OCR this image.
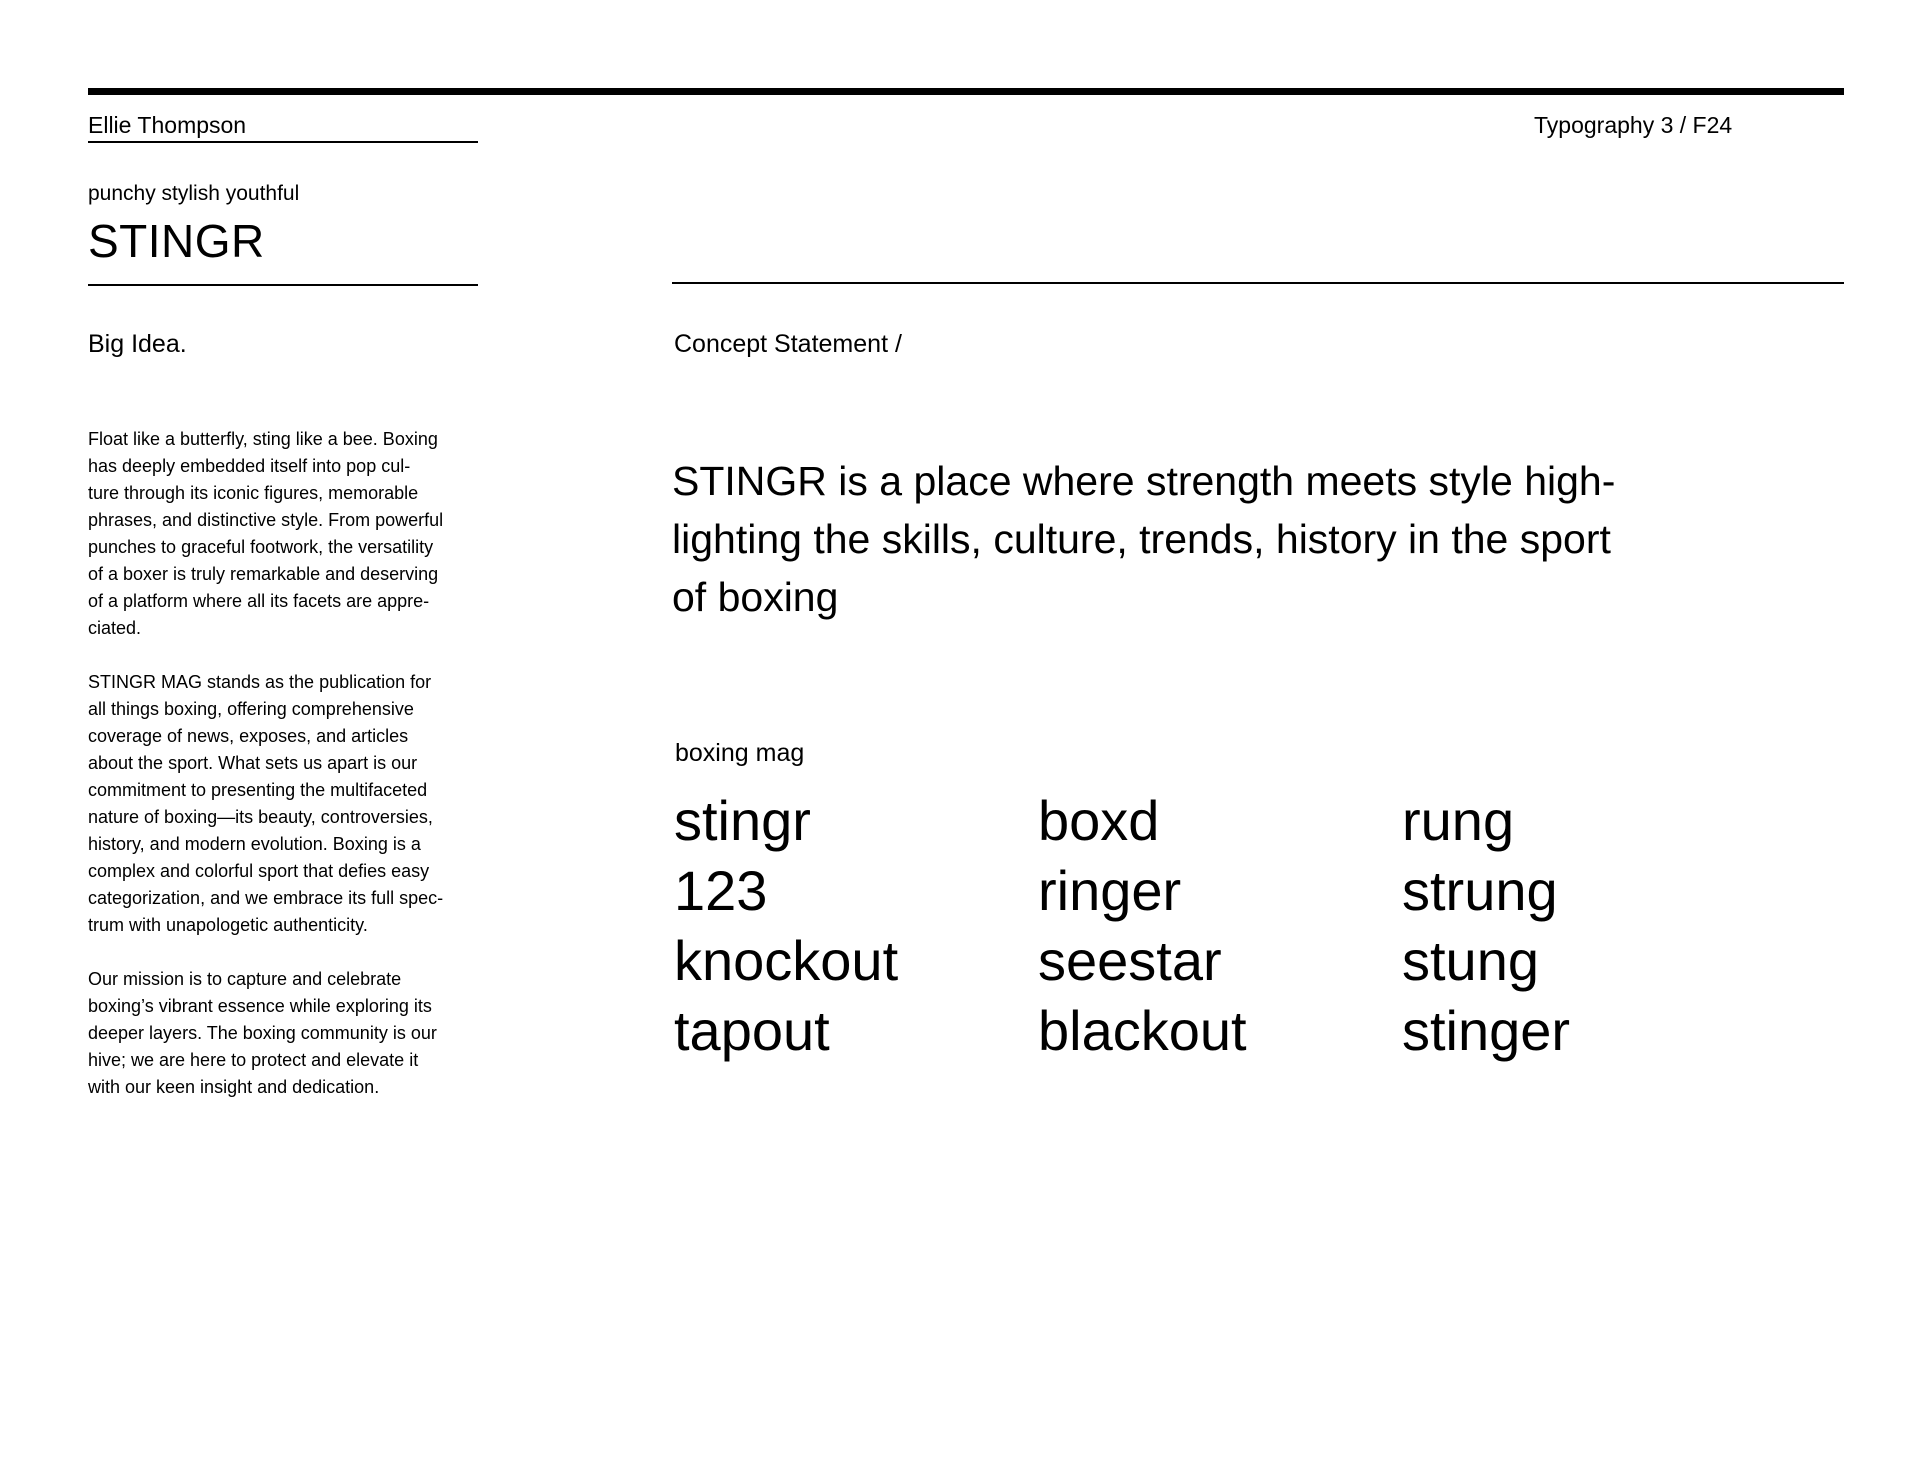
Ellie Thompson	Typography 3 / F24
punchy stylish youthful
STINGR
Big Idea.	Concept Statement /

Float like a butterfly, sting like a bee. Boxing
has deeply embedded itself into pop cul-
ture through its iconic figures, memorable
phrases, and distinctive style. From powerful
punches to graceful footwork, the versatility
of a boxer is truly remarkable and deserving
of a platform where all its facets are appre-
ciated.

STINGR MAG stands as the publication for
all things boxing, offering comprehensive
coverage of news, exposes, and articles
about the sport. What sets us apart is our
commitment to presenting the multifaceted
nature of boxing—its beauty, controversies,
history, and modern evolution. Boxing is a
complex and colorful sport that defies easy
categorization, and we embrace its full spec-
trum with unapologetic authenticity.

Our mission is to capture and celebrate
boxing’s vibrant essence while exploring its
deeper layers. The boxing community is our
hive; we are here to protect and elevate it
with our keen insight and dedication.

STINGR is a place where strength meets style high-
lighting the skills, culture, trends, history in the sport
of boxing
boxing mag
stingr
123
knockout
tapout
boxd
ringer
seestar
blackout
rung
strung
stung
stinger
